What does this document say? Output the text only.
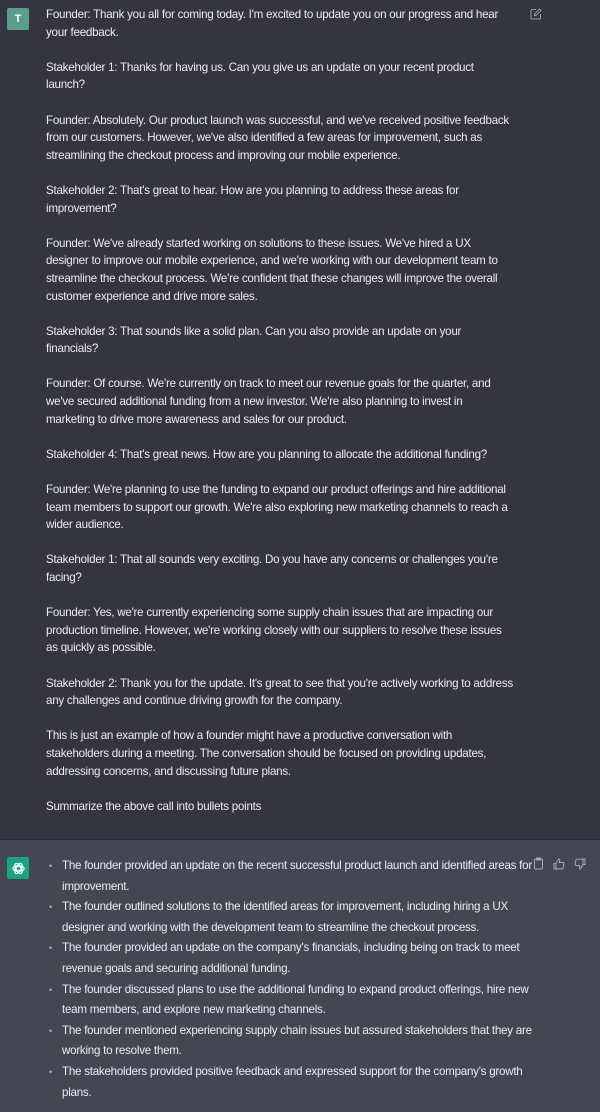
T Founder: Thank you all for coming today. I'm excited to update you on our progress and hear your feedback.

Stakeholder 1: Thanks for having us. Can you give us an update on your recent product launch?

Founder: Absolutely. Our product launch was successful, and we've received positive feedback from our customers. However, we've also identified a few areas for improvement, such as streamlining the checkout process and improving our mobile experience.

Stakeholder 2: That's great to hear. How are you planning to address these areas for improvement?

Founder: We've already started working on solutions to these issues. We've hired a UX designer to improve our mobile experience, and we're working with our development team to streamline the checkout process. We're confident that these changes will improve the overall customer experience and drive more sales.

Stakeholder 3: That sounds like a solid plan. Can you also provide an update on your financials?

Founder: Of course. We're currently on track to meet our revenue goals for the quarter, and we've secured additional funding from a new investor. We're also planning to invest in marketing to drive more awareness and sales for our product.

Stakeholder 4: That's great news. How are you planning to allocate the additional funding?

Founder: We're planning to use the funding to expand our product offerings and hire additional team members to support our growth. We're also exploring new marketing channels to reach a wider audience.

Stakeholder 1: That all sounds very exciting. Do you have any concerns or challenges you're facing?

Founder: Yes, we're currently experiencing some supply chain issues that are impacting our production timeline. However, we're working closely with our suppliers to resolve these issues as quickly as possible.

Stakeholder 2: Thank you for the update. It's great to see that you're actively working to address any challenges and continue driving growth for the company.

This is just an example of how a founder might have a productive conversation with stakeholders during a meeting. The conversation should be focused on providing updates, addressing concerns, and discussing future plans.

Summarize the above call into bullets points

• The founder provided an update on the recent successful product launch and identified areas for improvement.
• The founder outlined solutions to the identified areas for improvement, including hiring a UX designer and working with the development team to streamline the checkout process.
• The founder provided an update on the company's financials, including being on track to meet revenue goals and securing additional funding.
• The founder discussed plans to use the additional funding to expand product offerings, hire new team members, and explore new marketing channels.
• The founder mentioned experiencing supply chain issues but assured stakeholders that they are working to resolve them.
• The stakeholders provided positive feedback and expressed support for the company's growth plans.
